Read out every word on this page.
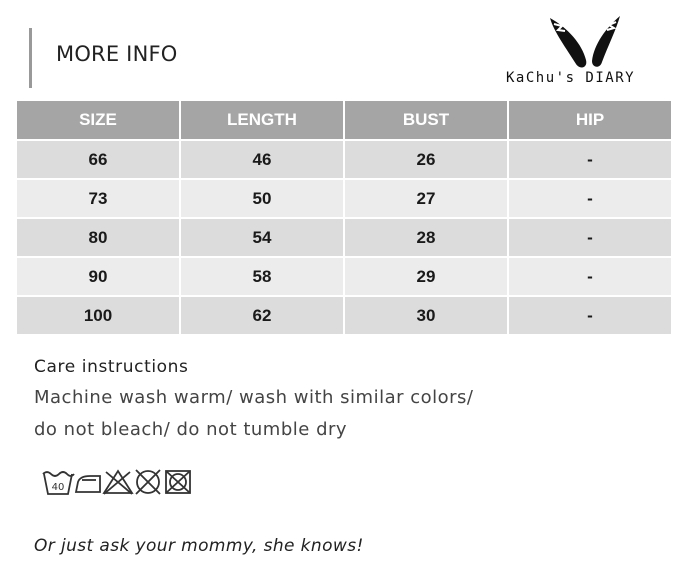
MORE INFO
KaChu's DIARY
SIZE	LENGTH	BUST	HIP
66	46	26	-
73	50	27	-
80	54	28	-
90	58	29	-
100	62	30	-
Care instructions
Machine wash warm/ wash with similar colors/
do not bleach/ do not tumble dry
40
Or just ask your mommy, she knows!
